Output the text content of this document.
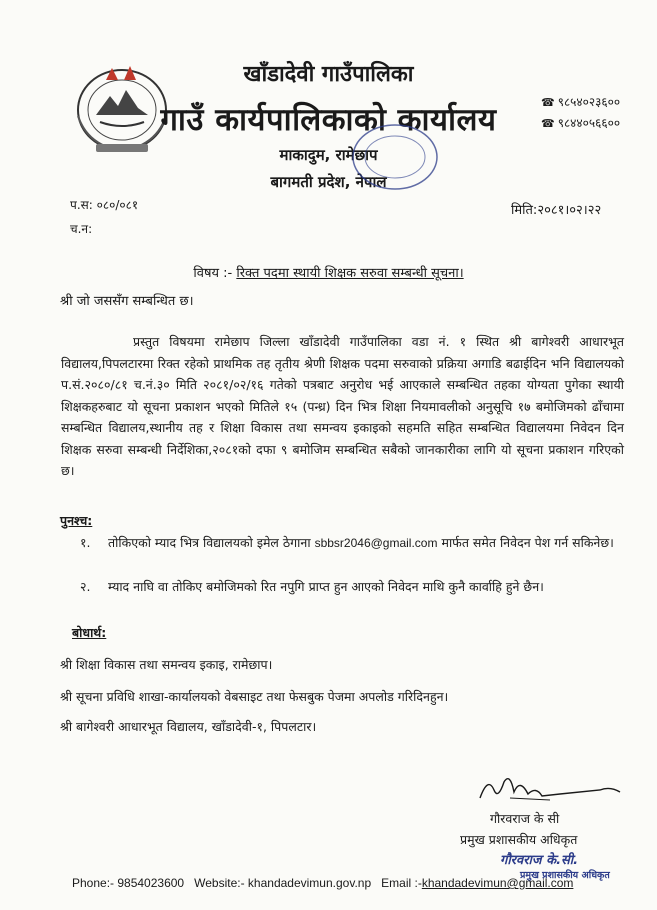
खाँडादेवी गाउँपालिका
गाउँ कार्यपालिकाको कार्यालय
माकादुम, रामेछाप
बागमती प्रदेश, नेपाल
☎ ९८५४०२३६००
☎ ९८४४०५६६००
प.स: ०८०/०८१
च.न:
मिति:२०८१।०२।२२
विषय :- रिक्त पदमा स्थायी शिक्षक सरुवा सम्बन्धी सूचना।
श्री जो जससँग सम्बन्धित छ।
प्रस्तुत विषयमा रामेछाप जिल्ला खाँडादेवी गाउँपालिका वडा नं. १ स्थित श्री बागेश्वरी आधारभूत विद्यालय,पिपलटारमा रिक्त रहेको प्राथमिक तह तृतीय श्रेणी शिक्षक पदमा सरुवाको प्रक्रिया अगाडि बढाईदिन भनि विद्यालयको प.सं.२०८०/८१ च.नं.३० मिति २०८१/०२/१६ गतेको पत्रबाट अनुरोध भई आएकाले सम्बन्धित तहका योग्यता पुगेका स्थायी शिक्षकहरुबाट यो सूचना प्रकाशन भएको मितिले १५ (पन्ध्र) दिन भित्र शिक्षा नियमावलीको अनुसूचि १७ बमोजिमको ढाँचामा सम्बन्धित विद्यालय,स्थानीय तह र शिक्षा विकास तथा समन्वय इकाइको सहमति सहित सम्बन्धित विद्यालयमा निवेदन दिन शिक्षक सरुवा सम्बन्धी निर्देशिका,२०८१को दफा ९ बमोजिम सम्बन्धित सबैको जानकारीका लागि यो सूचना प्रकाशन गरिएको छ।
पुनश्च:
१. तोकिएको म्याद भित्र विद्यालयको इमेल ठेगाना sbbsr2046@gmail.com मार्फत समेत निवेदन पेश गर्न सकिनेछ।
२. म्याद नाघि वा तोकिए बमोजिमको रित नपुगि प्राप्त हुन आएको निवेदन माथि कुनै कार्वाहि हुने छैन।
बोधार्थ:
श्री शिक्षा विकास तथा समन्वय इकाइ, रामेछाप।
श्री सूचना प्रविधि शाखा-कार्यालयको वेबसाइट तथा फेसबुक पेजमा अपलोड गरिदिनहुन।
श्री बागेश्वरी आधारभूत विद्यालय, खाँडादेवी-१, पिपलटार।
गौरवराज के सी
प्रमुख प्रशासकीय अधिकृत
गौरवराज के.सी.
प्रमुख प्रशासकीय अधिकृत
Phone:- 9854023600 Website:- khandadevimun.gov.np Email :-khandadevimun@gmail.com
